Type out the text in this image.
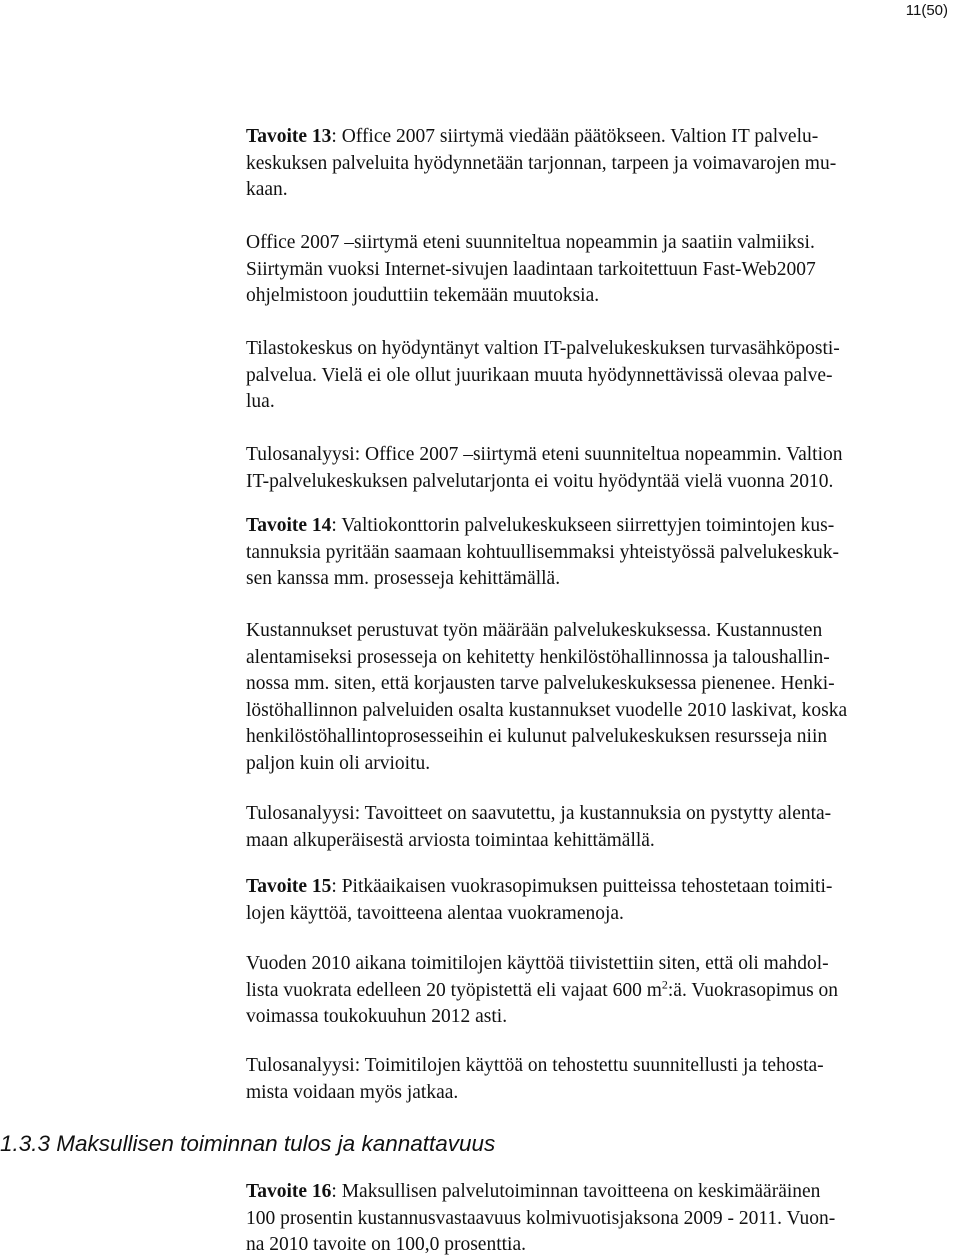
11(50)

Tavoite 13: Office 2007 siirtymä viedään päätökseen. Valtion IT palvelu-
keskuksen palveluita hyödynnetään tarjonnan, tarpeen ja voimavarojen mu-
kaan.

Office 2007 –siirtymä eteni suunniteltua nopeammin ja saatiin valmiiksi.
Siirtymän vuoksi Internet-sivujen laadintaan tarkoitettuun Fast-Web2007
ohjelmistoon jouduttiin tekemään muutoksia.

Tilastokeskus on hyödyntänyt valtion IT-palvelukeskuksen turvasähköposti-
palvelua. Vielä ei ole ollut juurikaan muuta hyödynnettävissä olevaa palve-
lua.

Tulosanalyysi: Office 2007 –siirtymä eteni suunniteltua nopeammin. Valtion
IT-palvelukeskuksen palvelutarjonta ei voitu hyödyntää vielä vuonna 2010.

Tavoite 14: Valtiokonttorin palvelukeskukseen siirrettyjen toimintojen kus-
tannuksia pyritään saamaan kohtuullisemmaksi yhteistyössä palvelukeskuk-
sen kanssa mm. prosesseja kehittämällä.

Kustannukset perustuvat työn määrään palvelukeskuksessa. Kustannusten
alentamiseksi prosesseja on kehitetty henkilöstöhallinnossa ja taloushallin-
nossa mm. siten, että korjausten tarve palvelukeskuksessa pienenee. Henki-
löstöhallinnon palveluiden osalta kustannukset vuodelle 2010 laskivat, koska
henkilöstöhallintoprosesseihin ei kulunut palvelukeskuksen resursseja niin
paljon kuin oli arvioitu.

Tulosanalyysi: Tavoitteet on saavutettu, ja kustannuksia on pystytty alenta-
maan alkuperäisestä arviosta toimintaa kehittämällä.

Tavoite 15: Pitkäaikaisen vuokrasopimuksen puitteissa tehostetaan toimiti-
lojen käyttöä, tavoitteena alentaa vuokramenoja.

Vuoden 2010 aikana toimitilojen käyttöä tiivistettiin siten, että oli mahdol-
lista vuokrata edelleen 20 työpistettä eli vajaat 600 $m^2:ä$. Vuokrasopimus on
voimassa toukokuuhun 2012 asti.

Tulosanalyysi: Toimitilojen käyttöä on tehostettu suunnitellusti ja tehosta-
mista voidaan myös jatkaa.

1.3.3 Maksullisen toiminnan tulos ja kannattavuus

Tavoite 16: Maksullisen palvelutoiminnan tavoitteena on keskimääräinen
100 prosentin kustannusvastaavuus kolmivuotisjaksona 2009 - 2011. Vuon-
na 2010 tavoite on 100,0 prosenttia.
